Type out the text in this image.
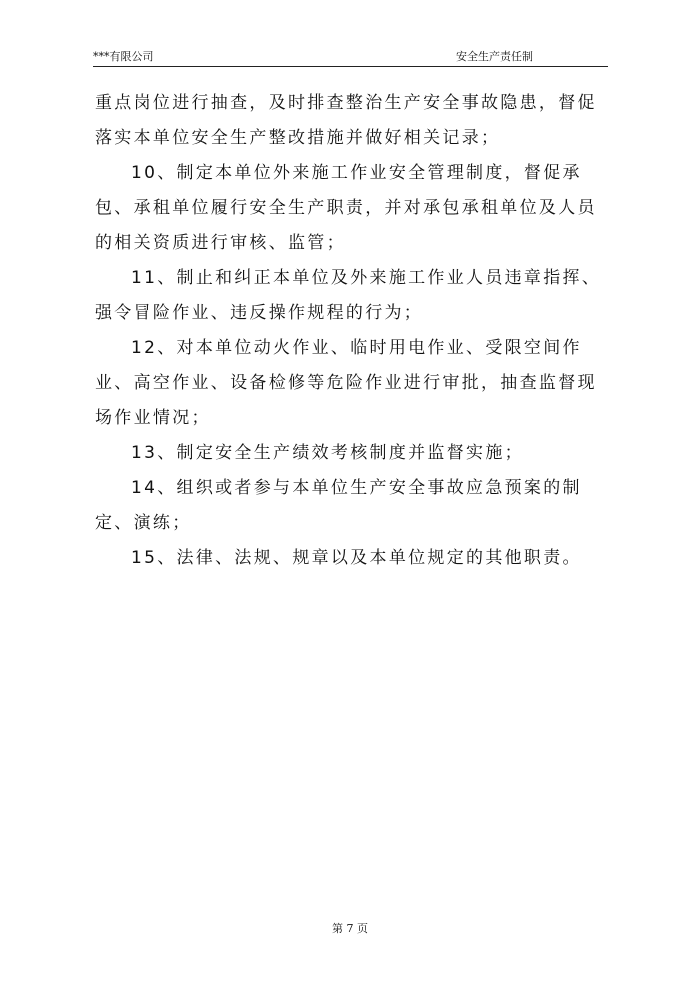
***有限公司	安全生产责任制

重点岗位进行抽查，及时排查整治生产安全事故隐患，督促落实本单位安全生产整改措施并做好相关记录；

10、制定本单位外来施工作业安全管理制度，督促承包、承租单位履行安全生产职责，并对承包承租单位及人员的相关资质进行审核、监管；

11、制止和纠正本单位及外来施工作业人员违章指挥、强令冒险作业、违反操作规程的行为；

12、对本单位动火作业、临时用电作业、受限空间作业、高空作业、设备检修等危险作业进行审批，抽查监督现场作业情况；

13、制定安全生产绩效考核制度并监督实施；

14、组织或者参与本单位生产安全事故应急预案的制定、演练；

15、法律、法规、规章以及本单位规定的其他职责。

第 7 页
